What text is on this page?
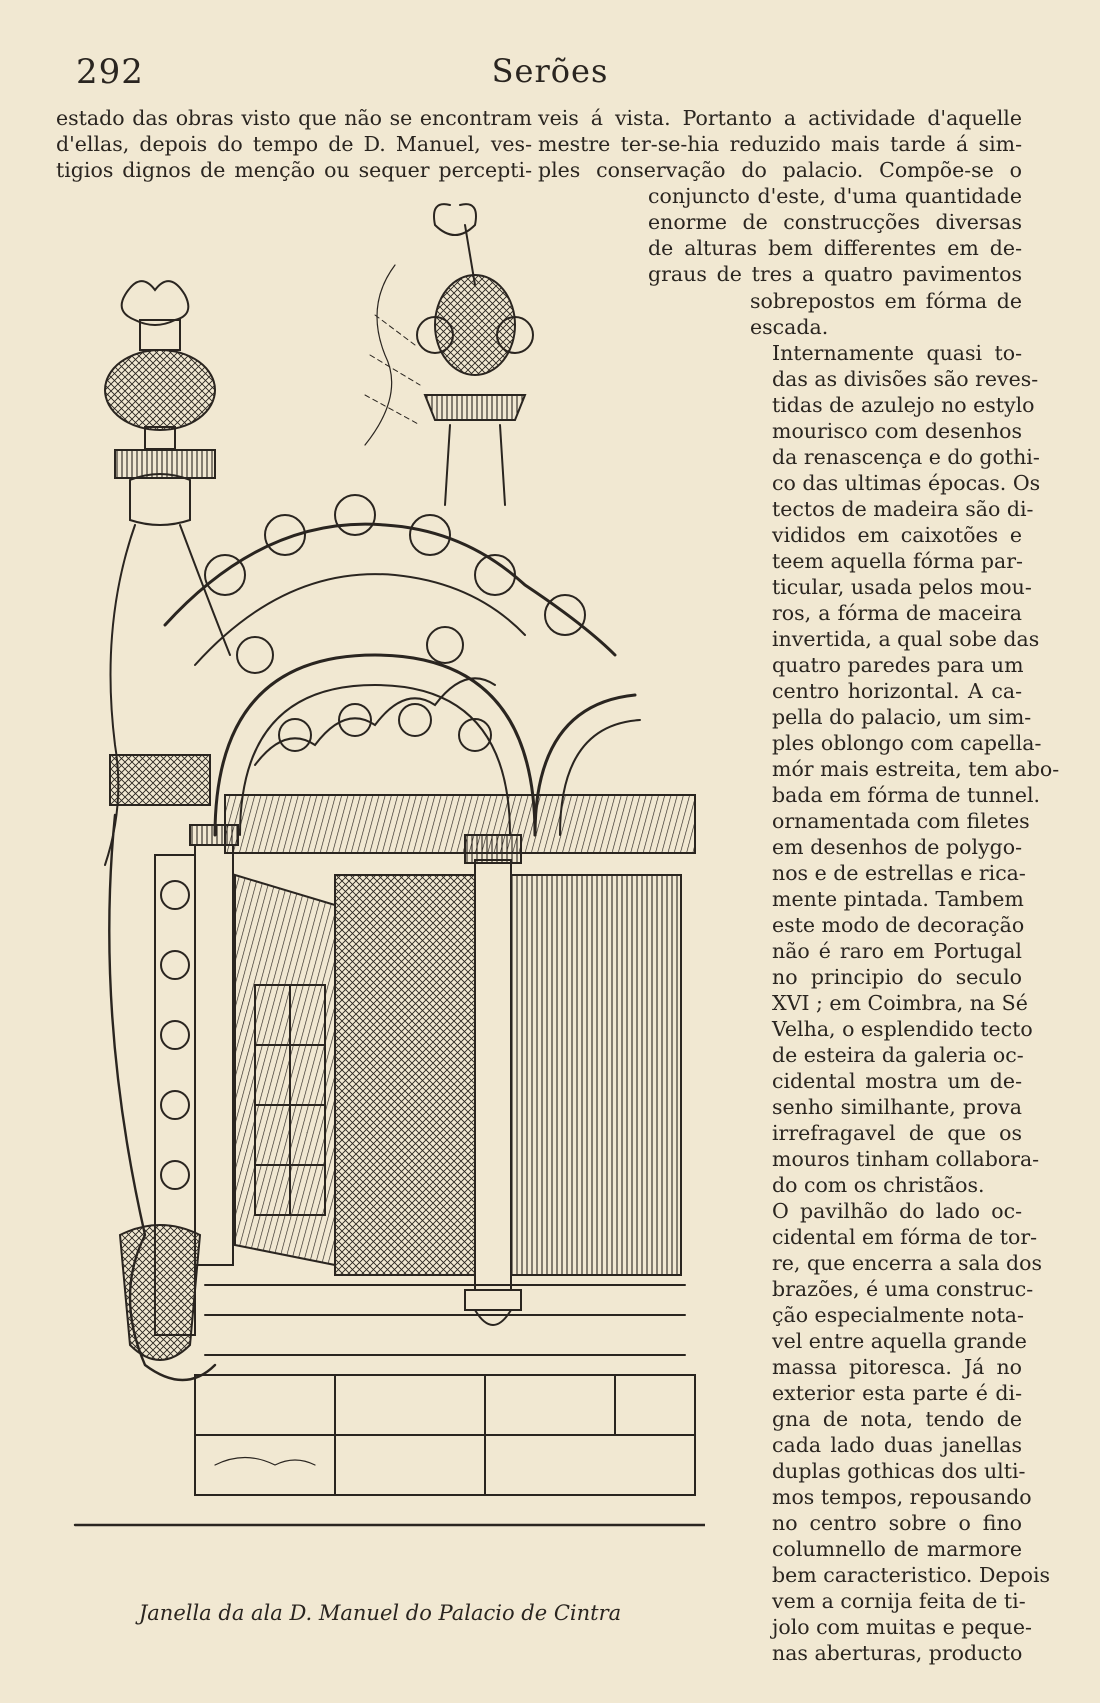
292	Serões
estado das obras visto que não se encontram
d'ellas, depois do tempo de D. Manuel, ves-
tigios dignos de menção ou sequer percepti-
veis á vista. Portanto a actividade d'aquelle
mestre ter-se-hia reduzido mais tarde á sim-
ples conservação do palacio. Compõe-se o
conjuncto d'este, d'uma quantidade
enorme de construcções diversas
de alturas bem differentes em de-
graus de tres a quatro pavimentos
sobrepostos em fórma de
escada.
Internamente quasi to-
das as divisões são reves-
tidas de azulejo no estylo
mourisco com desenhos
da renascença e do gothi-
co das ultimas épocas. Os
tectos de madeira são di-
vididos em caixotões e
teem aquella fórma par-
ticular, usada pelos mou-
ros, a fórma de maceira
invertida, a qual sobe das
quatro paredes para um
centro horizontal. A ca-
pella do palacio, um sim-
ples oblongo com capella-
mór mais estreita, tem abo-
bada em fórma de tunnel.
ornamentada com filetes
em desenhos de polygo-
nos e de estrellas e rica-
mente pintada. Tambem
este modo de decoração
não é raro em Portugal
no principio do seculo
XVI ; em Coimbra, na Sé
Velha, o esplendido tecto
de esteira da galeria oc-
cidental mostra um de-
senho similhante, prova
irrefragavel de que os
mouros tinham collabora-
do com os christãos.
O pavilhão do lado oc-
cidental em fórma de tor-
re, que encerra a sala dos
brazões, é uma construc-
ção especialmente nota-
vel entre aquella grande
massa pitoresca. Já no
exterior esta parte é di-
gna de nota, tendo de
cada lado duas janellas
duplas gothicas dos ulti-
mos tempos, repousando
no centro sobre o fino
columnello de marmore
bem caracteristico. Depois
vem a cornija feita de ti-
jolo com muitas e peque-
nas aberturas, producto
Janella da ala D. Manuel do Palacio de Cintra
